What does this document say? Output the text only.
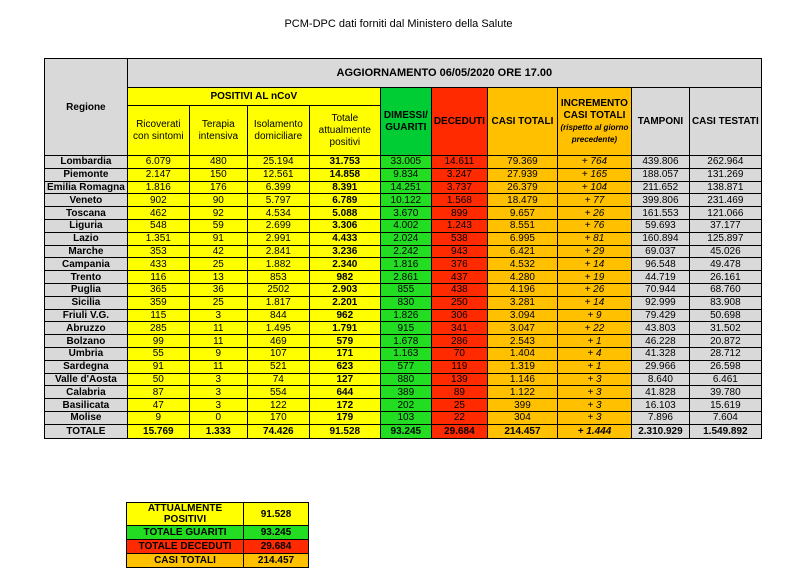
PCM-DPC dati forniti dal Ministero della Salute
Regione	AGGIORNAMENTO 06/05/2020 ORE 17.00									
	POSITIVI AL nCoV				DIMESSI/ GUARITI	DECEDUTI	CASI TOTALI	INCREMENTO CASI TOTALI
(rispetto al giorno precedente)	TAMPONI	CASI TESTATI
	Ricoverati con sintomi	Terapia intensiva	Isolamento domiciliare	Totale attualmente positivi						
Lombardia	6.079	480	25.194	31.753	33.005	14.611	79.369	+ 764	439.806	262.964
Piemonte	2.147	150	12.561	14.858	9.834	3.247	27.939	+ 165	188.057	131.269
Emilia Romagna	1.816	176	6.399	8.391	14.251	3.737	26.379	+ 104	211.652	138.871
Veneto	902	90	5.797	6.789	10.122	1.568	18.479	+ 77	399.806	231.469
Toscana	462	92	4.534	5.088	3.670	899	9.657	+ 26	161.553	121.066
Liguria	548	59	2.699	3.306	4.002	1.243	8.551	+ 76	59.693	37.177
Lazio	1.351	91	2.991	4.433	2.024	538	6.995	+ 81	160.894	125.897
Marche	353	42	2.841	3.236	2.242	943	6.421	+ 29	69.037	45.026
Campania	433	25	1.882	2.340	1.816	376	4.532	+ 14	96.548	49.478
Trento	116	13	853	982	2.861	437	4.280	+ 19	44.719	26.161
Puglia	365	36	2502	2.903	855	438	4.196	+ 26	70.944	68.760
Sicilia	359	25	1.817	2.201	830	250	3.281	+ 14	92.999	83.908
Friuli V.G.	115	3	844	962	1.826	306	3.094	+ 9	79.429	50.698
Abruzzo	285	11	1.495	1.791	915	341	3.047	+ 22	43.803	31.502
Bolzano	99	11	469	579	1.678	286	2.543	+ 1	46.228	20.872
Umbria	55	9	107	171	1.163	70	1.404	+ 4	41.328	28.712
Sardegna	91	11	521	623	577	119	1.319	+ 1	29.966	26.598
Valle d'Aosta	50	3	74	127	880	139	1.146	+ 3	8.640	6.461
Calabria	87	3	554	644	389	89	1.122	+ 3	41.828	39.780
Basilicata	47	3	122	172	202	25	399	+ 3	16.103	15.619
Molise	9	0	170	179	103	22	304	+ 3	7.896	7.604
TOTALE	15.769	1.333	74.426	91.528	93.245	29.684	214.457	+ 1.444	2.310.929	1.549.892
ATTUALMENTE POSITIVI	91.528
TOTALE GUARITI	93.245
TOTALE DECEDUTI	29.684
CASI TOTALI	214.457
